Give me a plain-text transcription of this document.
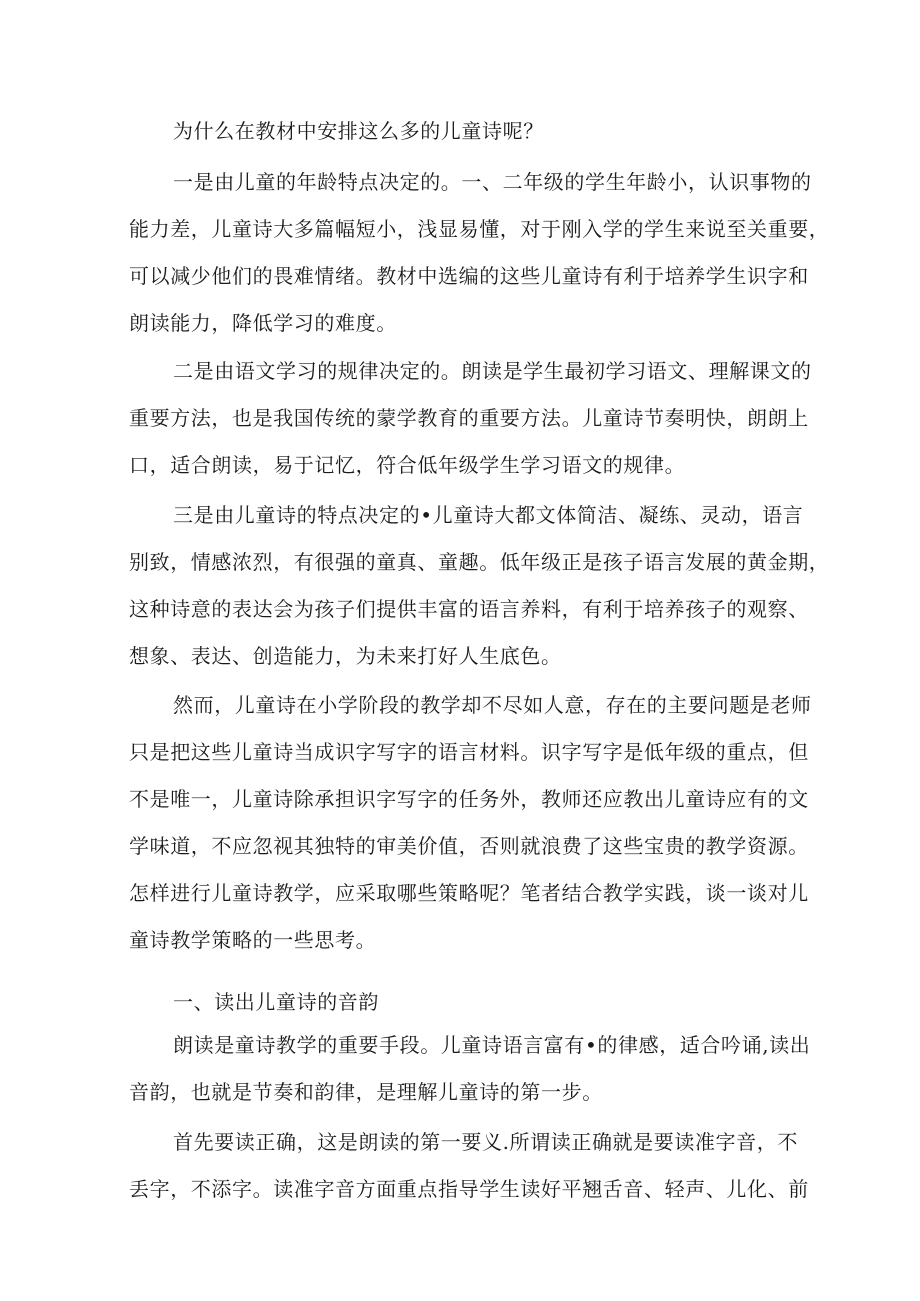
为什么在教材中安排这么多的儿童诗呢？
一是由儿童的年龄特点决定的。一、二年级的学生年龄小，认识事物的
能力差，儿童诗大多篇幅短小，浅显易懂，对于刚入学的学生来说至关重要，
可以减少他们的畏难情绪。教材中选编的这些儿童诗有利于培养学生识字和
朗读能力，降低学习的难度。
二是由语文学习的规律决定的。朗读是学生最初学习语文、理解课文的
重要方法，也是我国传统的蒙学教育的重要方法。儿童诗节奏明快，朗朗上
口，适合朗读，易于记忆，符合低年级学生学习语文的规律。
三是由儿童诗的特点决定的•儿童诗大都文体简洁、凝练、灵动，语言
别致，情感浓烈，有很强的童真、童趣。低年级正是孩子语言发展的黄金期，
这种诗意的表达会为孩子们提供丰富的语言养料，有利于培养孩子的观察、
想象、表达、创造能力，为未来打好人生底色。
然而，儿童诗在小学阶段的教学却不尽如人意，存在的主要问题是老师
只是把这些儿童诗当成识字写字的语言材料。识字写字是低年级的重点，但
不是唯一，儿童诗除承担识字写字的任务外，教师还应教出儿童诗应有的文
学味道，不应忽视其独特的审美价值，否则就浪费了这些宝贵的教学资源。
怎样进行儿童诗教学，应采取哪些策略呢？笔者结合教学实践，谈一谈对儿
童诗教学策略的一些思考。
一、读出儿童诗的音韵
朗读是童诗教学的重要手段。儿童诗语言富有•的律感，适合吟诵,读出
音韵，也就是节奏和韵律，是理解儿童诗的第一步。
首先要读正确，这是朗读的第一要义.所谓读正确就是要读准字音，不
丢字，不添字。读准字音方面重点指导学生读好平翘舌音、轻声、儿化、前
